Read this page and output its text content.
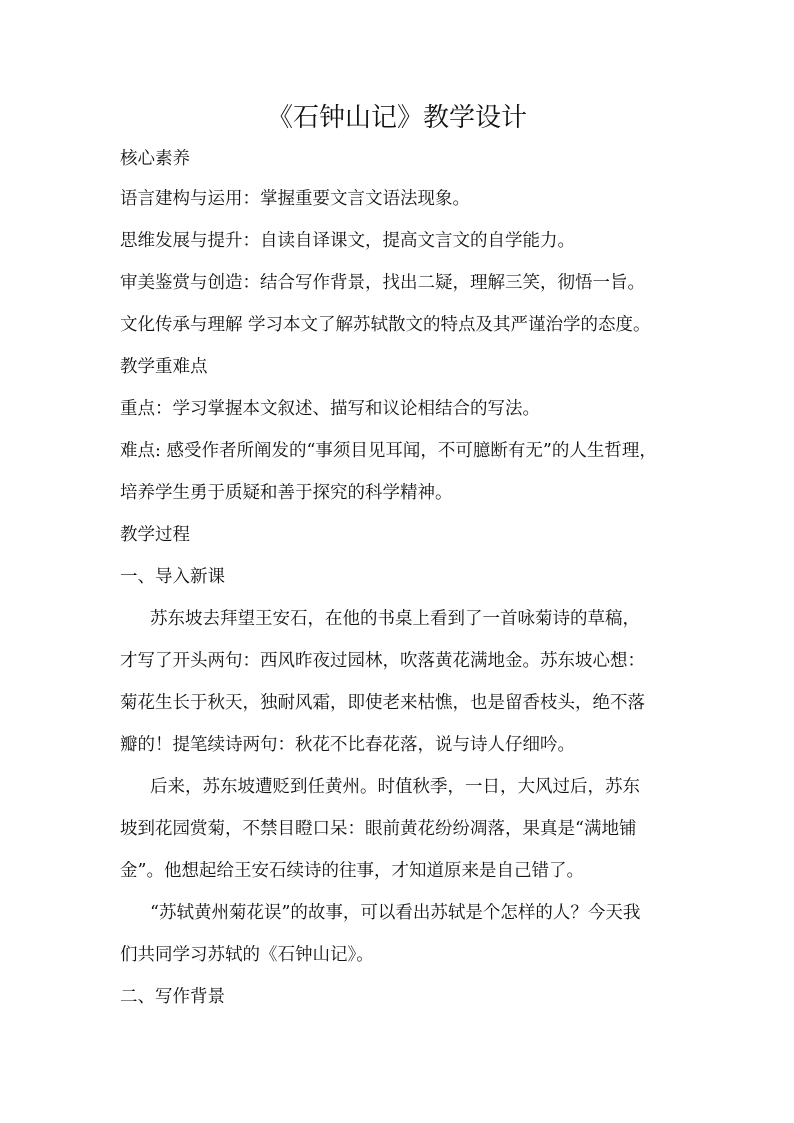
《石钟山记》教学设计
核心素养
语言建构与运用：掌握重要文言文语法现象。
思维发展与提升：自读自译课文，提高文言文的自学能力。
审美鉴赏与创造：结合写作背景，找出二疑，理解三笑，彻悟一旨。
文化传承与理解 学习本文了解苏轼散文的特点及其严谨治学的态度。
教学重难点
重点：学习掌握本文叙述、描写和议论相结合的写法。
难点: 感受作者所阐发的“事须目见耳闻，不可臆断有无”的人生哲理，
培养学生勇于质疑和善于探究的科学精神。
教学过程
一、导入新课
苏东坡去拜望王安石，在他的书桌上看到了一首咏菊诗的草稿，
才写了开头两句：西风昨夜过园林，吹落黄花满地金。苏东坡心想：
菊花生长于秋天，独耐风霜，即使老来枯憔，也是留香枝头，绝不落
瓣的！提笔续诗两句：秋花不比春花落，说与诗人仔细吟。
后来，苏东坡遭贬到任黄州。时值秋季，一日，大风过后，苏东
坡到花园赏菊，不禁目瞪口呆：眼前黄花纷纷凋落，果真是“满地铺
金”。他想起给王安石续诗的往事，才知道原来是自己错了。
“苏轼黄州菊花误”的故事，可以看出苏轼是个怎样的人？今天我
们共同学习苏轼的《石钟山记》。
二、写作背景
